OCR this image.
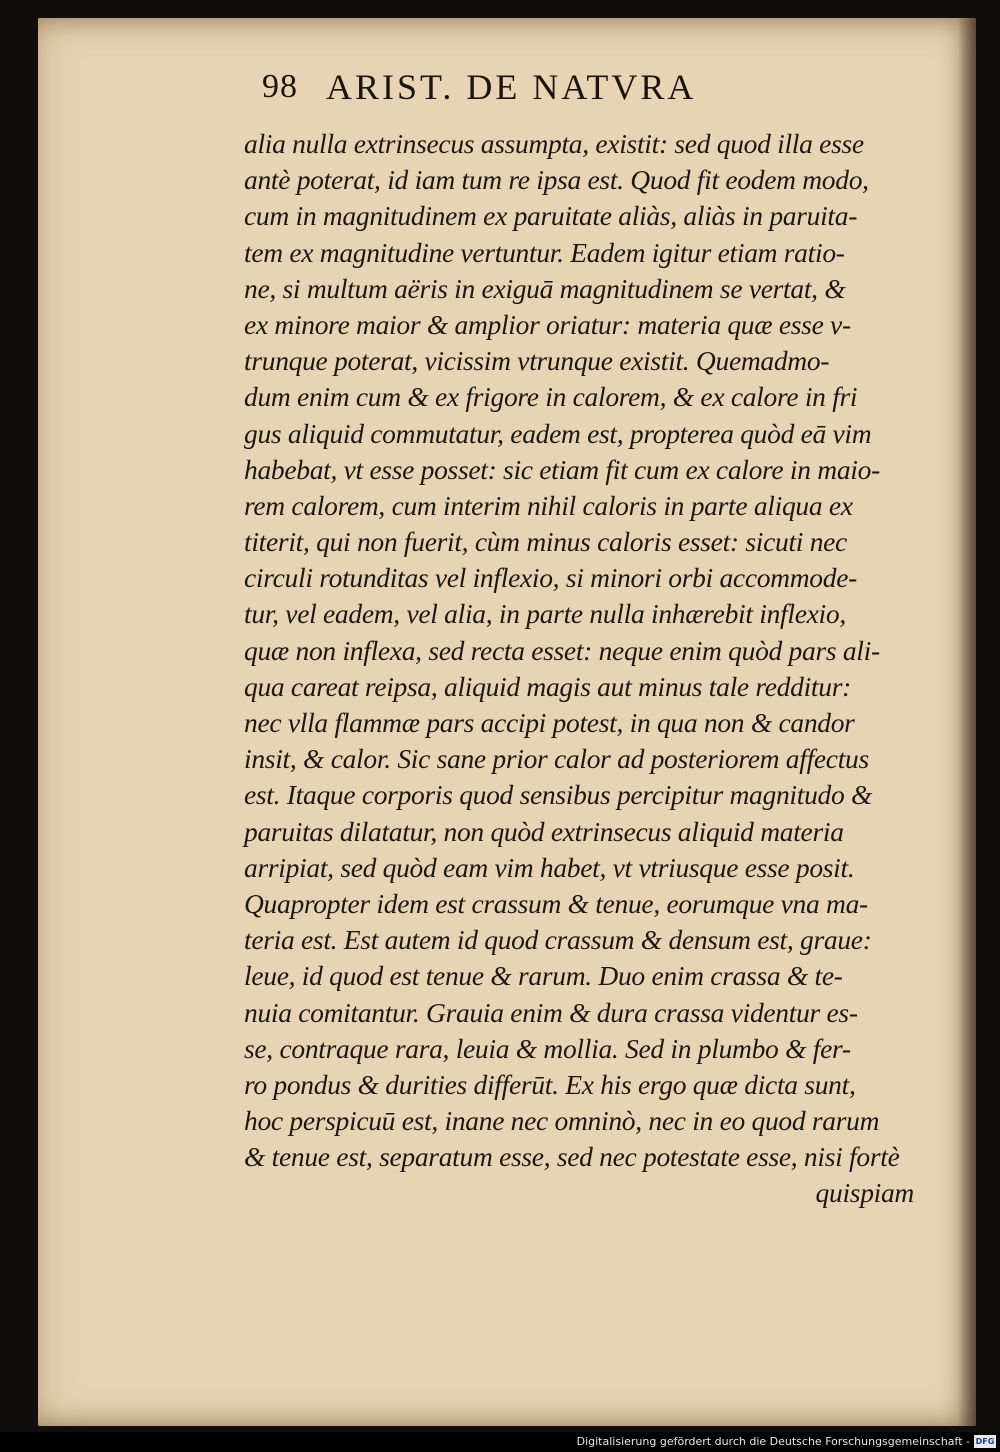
98 ARIST. DE NATVRA
alia nulla extrinsecus assumpta, existit: sed quod illa esse
antè poterat, id iam tum re ipsa est. Quod fit eodem modo,
cum in magnitudinem ex paruitate aliàs, aliàs in paruita-
tem ex magnitudine vertuntur. Eadem igitur etiam ratio-
ne, si multum aëris in exiguā magnitudinem se vertat, &
ex minore maior & amplior oriatur: materia quæ esse v-
trunque poterat, vicissim vtrunque existit. Quemadmo-
dum enim cum & ex frigore in calorem, & ex calore in fri
gus aliquid commutatur, eadem est, propterea quòd eā vim
habebat, vt esse posset: sic etiam fit cum ex calore in maio-
rem calorem, cum interim nihil caloris in parte aliqua ex
titerit, qui non fuerit, cùm minus caloris esset: sicuti nec
circuli rotunditas vel inflexio, si minori orbi accommode-
tur, vel eadem, vel alia, in parte nulla inhærebit inflexio,
quæ non inflexa, sed recta esset: neque enim quòd pars ali-
qua careat reipsa, aliquid magis aut minus tale redditur:
nec vlla flammæ pars accipi potest, in qua non & candor
insit, & calor. Sic sane prior calor ad posteriorem affectus
est. Itaque corporis quod sensibus percipitur magnitudo &
paruitas dilatatur, non quòd extrinsecus aliquid materia
arripiat, sed quòd eam vim habet, vt vtriusque esse posit.
Quapropter idem est crassum & tenue, eorumque vna ma-
teria est. Est autem id quod crassum & densum est, graue:
leue, id quod est tenue & rarum. Duo enim crassa & te-
nuia comitantur. Grauia enim & dura crassa videntur es-
se, contraque rara, leuia & mollia. Sed in plumbo & fer-
ro pondus & durities differūt. Ex his ergo quæ dicta sunt,
hoc perspicuū est, inane nec omninò, nec in eo quod rarum
& tenue est, separatum esse, sed nec potestate esse, nisi fortè
quispiam
Digitalisierung gefördert durch die Deutsche Forschungsgemeinschaft - DFG
